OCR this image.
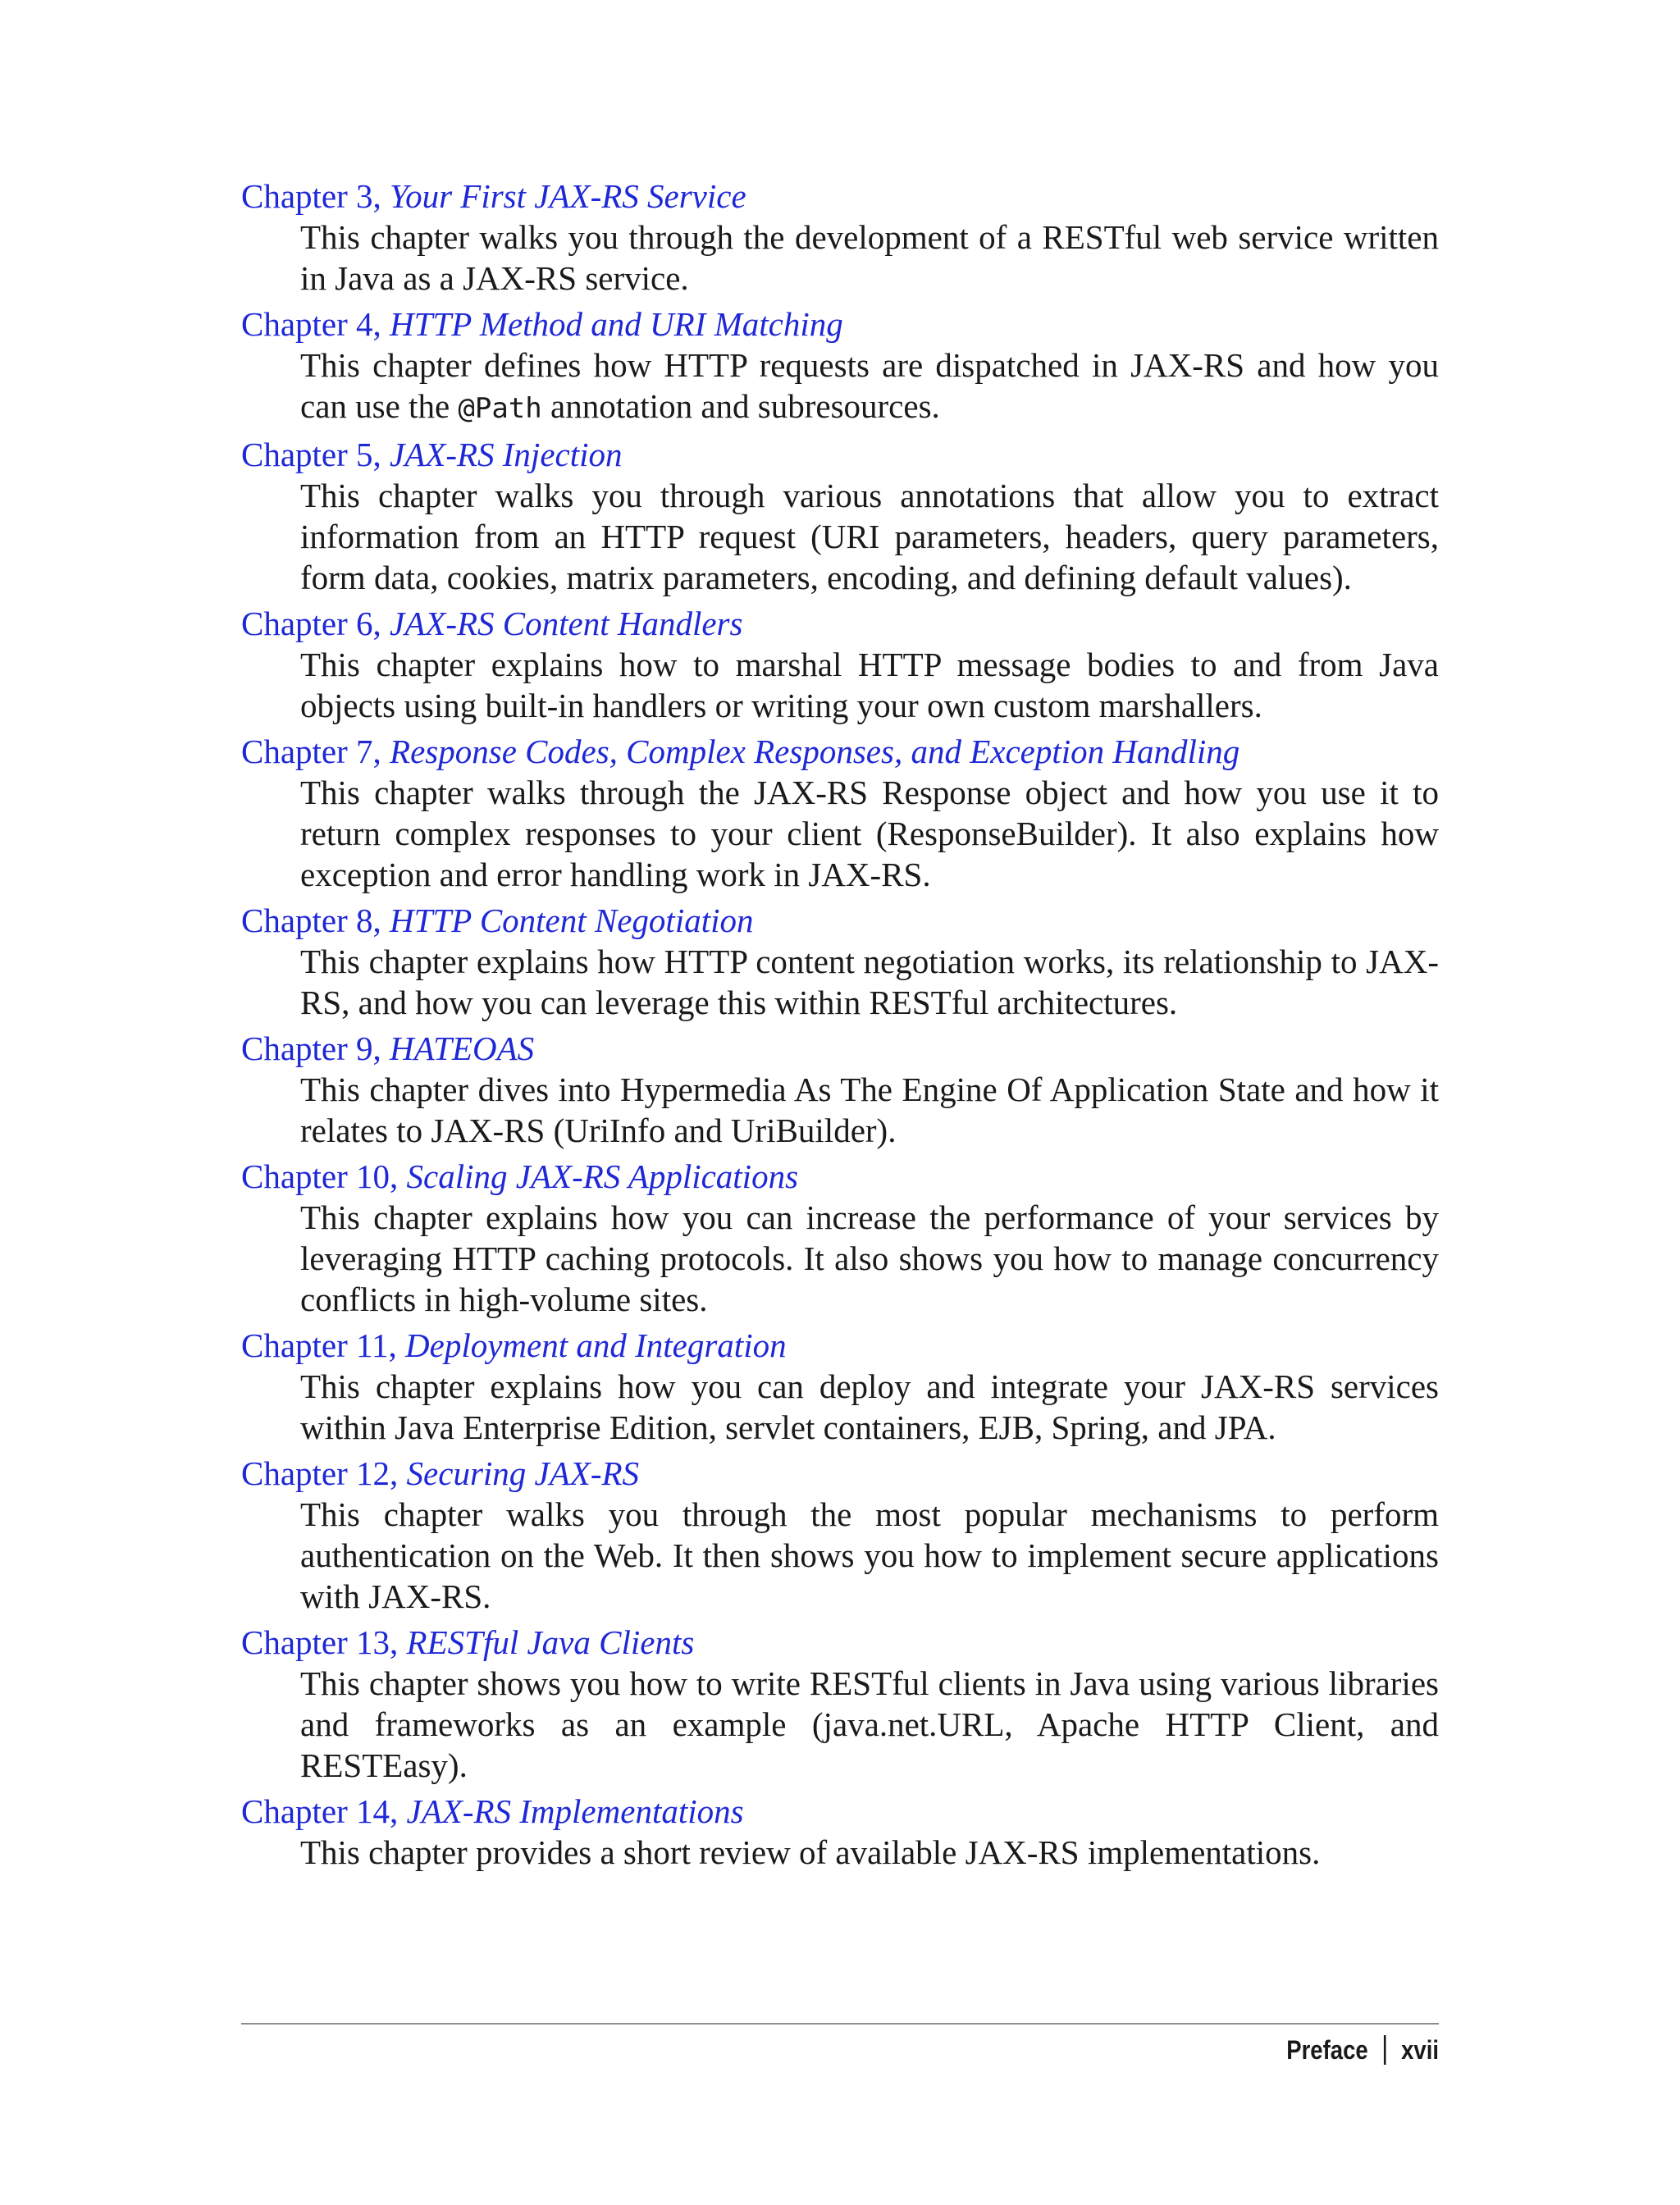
Chapter 3, Your First JAX-RS Service
This chapter walks you through the development of a RESTful web service written in Java as a JAX-RS service.
Chapter 4, HTTP Method and URI Matching
This chapter defines how HTTP requests are dispatched in JAX-RS and how you can use the @Path annotation and subresources.
Chapter 5, JAX-RS Injection
This chapter walks you through various annotations that allow you to extract information from an HTTP request (URI parameters, headers, query parameters, form data, cookies, matrix parameters, encoding, and defining default values).
Chapter 6, JAX-RS Content Handlers
This chapter explains how to marshal HTTP message bodies to and from Java objects using built-in handlers or writing your own custom marshallers.
Chapter 7, Response Codes, Complex Responses, and Exception Handling
This chapter walks through the JAX-RS Response object and how you use it to return complex responses to your client (ResponseBuilder). It also explains how exception and error handling work in JAX-RS.
Chapter 8, HTTP Content Negotiation
This chapter explains how HTTP content negotiation works, its relationship to JAX-RS, and how you can leverage this within RESTful architectures.
Chapter 9, HATEOAS
This chapter dives into Hypermedia As The Engine Of Application State and how it relates to JAX-RS (UriInfo and UriBuilder).
Chapter 10, Scaling JAX-RS Applications
This chapter explains how you can increase the performance of your services by leveraging HTTP caching protocols. It also shows you how to manage concurrency conflicts in high-volume sites.
Chapter 11, Deployment and Integration
This chapter explains how you can deploy and integrate your JAX-RS services within Java Enterprise Edition, servlet containers, EJB, Spring, and JPA.
Chapter 12, Securing JAX-RS
This chapter walks you through the most popular mechanisms to perform authentication on the Web. It then shows you how to implement secure applications with JAX-RS.
Chapter 13, RESTful Java Clients
This chapter shows you how to write RESTful clients in Java using various libraries and frameworks as an example (java.net.URL, Apache HTTP Client, and RESTEasy).
Chapter 14, JAX-RS Implementations
This chapter provides a short review of available JAX-RS implementations.
Preface xvii
